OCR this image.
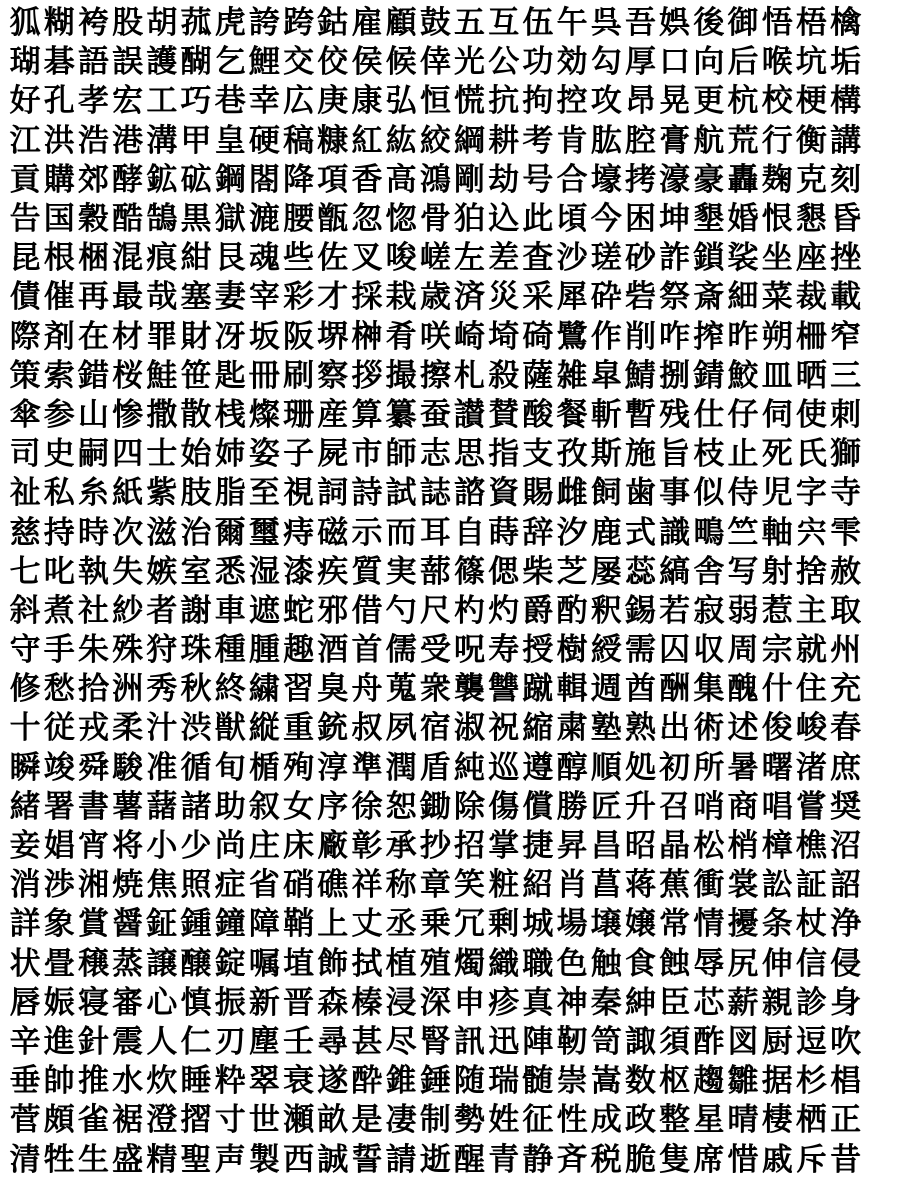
狐 糊 袴 股 胡 菰 虎 誇 跨 鈷 雇 顧 鼓 五 互 伍 午 呉 吾 娯 後 御 悟 梧 檎
瑚 碁 語 誤 護 醐 乞 鯉 交 佼 侯 候 倖 光 公 功 効 勾 厚 口 向 后 喉 坑 垢
好 孔 孝 宏 工 巧 巷 幸 広 庚 康 弘 恒 慌 抗 拘 控 攻 昂 晃 更 杭 校 梗 構
江 洪 浩 港 溝 甲 皇 硬 稿 糠 紅 紘 絞 綱 耕 考 肯 肱 腔 膏 航 荒 行 衡 講
貢 購 郊 酵 鉱 砿 鋼 閤 降 項 香 高 鴻 剛 劫 号 合 壕 拷 濠 豪 轟 麹 克 刻
告 国 穀 酷 鵠 黒 獄 漉 腰 甑 忽 惚 骨 狛 込 此 頃 今 困 坤 墾 婚 恨 懇 昏
昆 根 梱 混 痕 紺 艮 魂 些 佐 叉 唆 嵯 左 差 査 沙 瑳 砂 詐 鎖 裟 坐 座 挫
債 催 再 最 哉 塞 妻 宰 彩 才 採 栽 歳 済 災 采 犀 砕 砦 祭 斎 細 菜 裁 載
際 剤 在 材 罪 財 冴 坂 阪 堺 榊 肴 咲 崎 埼 碕 鷺 作 削 咋 搾 昨 朔 柵 窄
策 索 錯 桜 鮭 笹 匙 冊 刷 察 拶 撮 擦 札 殺 薩 雑 皐 鯖 捌 錆 鮫 皿 晒 三
傘 参 山 惨 撒 散 桟 燦 珊 産 算 纂 蚕 讃 賛 酸 餐 斬 暫 残 仕 仔 伺 使 刺
司 史 嗣 四 士 始 姉 姿 子 屍 市 師 志 思 指 支 孜 斯 施 旨 枝 止 死 氏 獅
祉 私 糸 紙 紫 肢 脂 至 視 詞 詩 試 誌 諮 資 賜 雌 飼 歯 事 似 侍 児 字 寺
慈 持 時 次 滋 治 爾 璽 痔 磁 示 而 耳 自 蒔 辞 汐 鹿 式 識 鴫 竺 軸 宍 雫
七 叱 執 失 嫉 室 悉 湿 漆 疾 質 実 蔀 篠 偲 柴 芝 屡 蕊 縞 舎 写 射 捨 赦
斜 煮 社 紗 者 謝 車 遮 蛇 邪 借 勺 尺 杓 灼 爵 酌 釈 錫 若 寂 弱 惹 主 取
守 手 朱 殊 狩 珠 種 腫 趣 酒 首 儒 受 呪 寿 授 樹 綬 需 囚 収 周 宗 就 州
修 愁 拾 洲 秀 秋 終 繍 習 臭 舟 蒐 衆 襲 讐 蹴 輯 週 酋 酬 集 醜 什 住 充
十 従 戎 柔 汁 渋 獣 縦 重 銃 叔 夙 宿 淑 祝 縮 粛 塾 熟 出 術 述 俊 峻 春
瞬 竣 舜 駿 准 循 旬 楯 殉 淳 準 潤 盾 純 巡 遵 醇 順 処 初 所 暑 曙 渚 庶
緒 署 書 薯 藷 諸 助 叙 女 序 徐 恕 鋤 除 傷 償 勝 匠 升 召 哨 商 唱 嘗 奨
妾 娼 宵 将 小 少 尚 庄 床 廠 彰 承 抄 招 掌 捷 昇 昌 昭 晶 松 梢 樟 樵 沼
消 渉 湘 焼 焦 照 症 省 硝 礁 祥 称 章 笑 粧 紹 肖 菖 蒋 蕉 衝 裳 訟 証 詔
詳 象 賞 醤 鉦 鍾 鐘 障 鞘 上 丈 丞 乗 冗 剰 城 場 壌 嬢 常 情 擾 条 杖 浄
状 畳 穣 蒸 譲 醸 錠 嘱 埴 飾 拭 植 殖 燭 織 職 色 触 食 蝕 辱 尻 伸 信 侵
唇 娠 寝 審 心 慎 振 新 晋 森 榛 浸 深 申 疹 真 神 秦 紳 臣 芯 薪 親 診 身
辛 進 針 震 人 仁 刃 塵 壬 尋 甚 尽 腎 訊 迅 陣 靭 笥 諏 須 酢 図 厨 逗 吹
垂 帥 推 水 炊 睡 粋 翠 衰 遂 酔 錐 錘 随 瑞 髄 崇 嵩 数 枢 趨 雛 据 杉 椙
菅 頗 雀 裾 澄 摺 寸 世 瀬 畝 是 凄 制 勢 姓 征 性 成 政 整 星 晴 棲 栖 正
清 牲 生 盛 精 聖 声 製 西 誠 誓 請 逝 醒 青 静 斉 税 脆 隻 席 惜 戚 斥 昔
